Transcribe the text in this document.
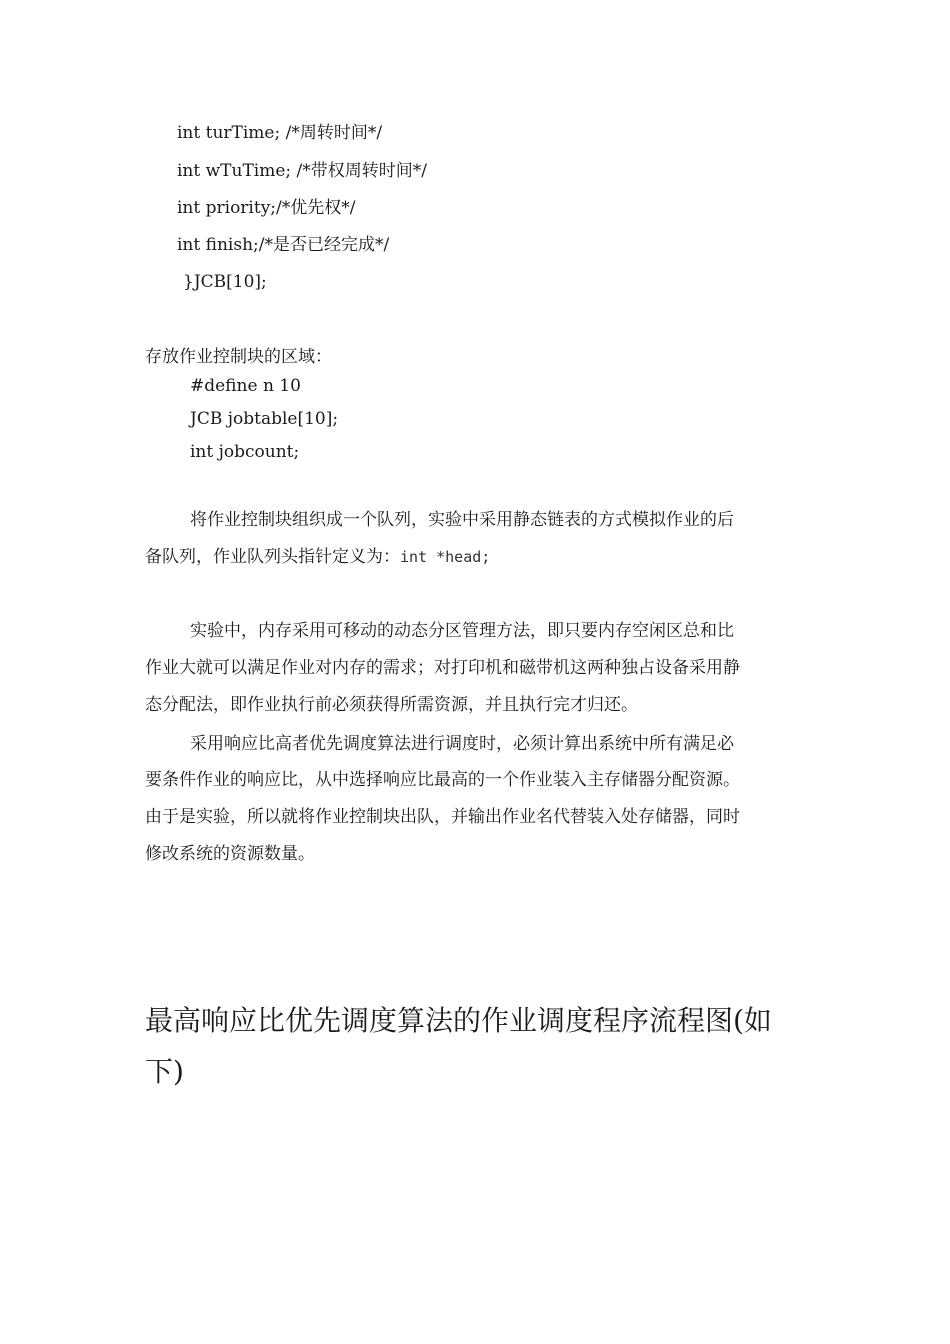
int turTime; /*周转时间*/
int wTuTime; /*带权周转时间*/
int priority;/*优先权*/
int finish;/*是否已经完成*/
}JCB[10];
存放作业控制块的区域：
#define n 10
JCB jobtable[10];
int jobcount;
将作业控制块组织成一个队列，实验中采用静态链表的方式模拟作业的后
备队列，作业队列头指针定义为：int *head;
实验中，内存采用可移动的动态分区管理方法，即只要内存空闲区总和比
作业大就可以满足作业对内存的需求；对打印机和磁带机这两种独占设备采用静
态分配法，即作业执行前必须获得所需资源，并且执行完才归还。
采用响应比高者优先调度算法进行调度时，必须计算出系统中所有满足必
要条件作业的响应比，从中选择响应比最高的一个作业装入主存储器分配资源。
由于是实验，所以就将作业控制块出队，并输出作业名代替装入处存储器，同时
修改系统的资源数量。
最高响应比优先调度算法的作业调度程序流程图(如
下)
